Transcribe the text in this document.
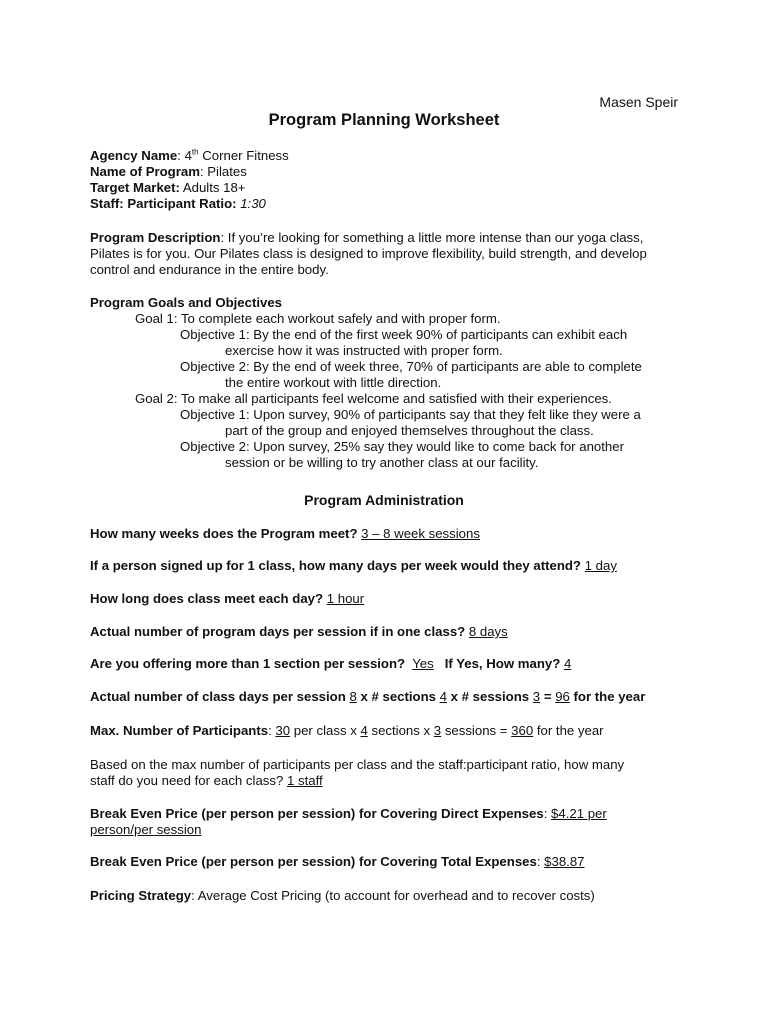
Masen Speir
Program Planning Worksheet
Agency Name: 4th Corner Fitness
Name of Program: Pilates
Target Market: Adults 18+
Staff: Participant Ratio: 1:30
Program Description: If you’re looking for something a little more intense than our yoga class,
Pilates is for you. Our Pilates class is designed to improve flexibility, build strength, and develop
control and endurance in the entire body.
Program Goals and Objectives
Goal 1: To complete each workout safely and with proper form.
Objective 1: By the end of the first week 90% of participants can exhibit each
exercise how it was instructed with proper form.
Objective 2: By the end of week three, 70% of participants are able to complete
the entire workout with little direction.
Goal 2: To make all participants feel welcome and satisfied with their experiences.
Objective 1: Upon survey, 90% of participants say that they felt like they were a
part of the group and enjoyed themselves throughout the class.
Objective 2: Upon survey, 25% say they would like to come back for another
session or be willing to try another class at our facility.
Program Administration
How many weeks does the Program meet? 3 – 8 week sessions
If a person signed up for 1 class, how many days per week would they attend? 1 day
How long does class meet each day? 1 hour
Actual number of program days per session if in one class? 8 days
Are you offering more than 1 section per session? Yes If Yes, How many? 4
Actual number of class days per session 8 x # sections 4 x # sessions 3 = 96 for the year
Max. Number of Participants: 30 per class x 4 sections x 3 sessions = 360 for the year
Based on the max number of participants per class and the staff:participant ratio, how many
staff do you need for each class? 1 staff
Break Even Price (per person per session) for Covering Direct Expenses: $4.21 per
person/per session
Break Even Price (per person per session) for Covering Total Expenses: $38.87
Pricing Strategy: Average Cost Pricing (to account for overhead and to recover costs)
